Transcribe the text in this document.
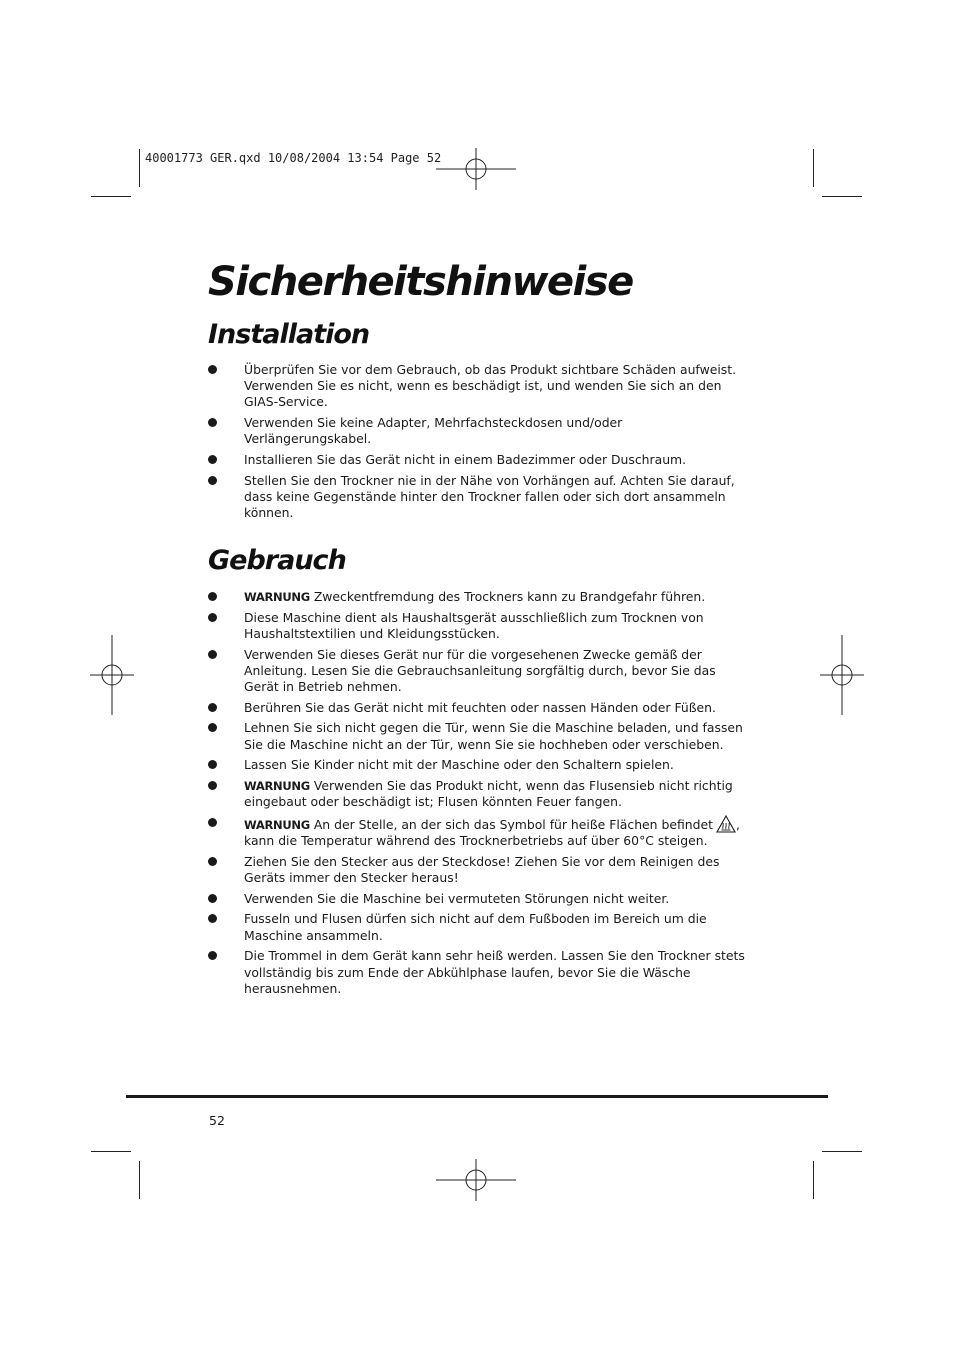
40001773 GER.qxd 10/08/2004 13:54 Page 52
Sicherheitshinweise
Installation
Überprüfen Sie vor dem Gebrauch, ob das Produkt sichtbare Schäden aufweist. Verwenden Sie es nicht, wenn es beschädigt ist, und wenden Sie sich an den GIAS-Service.
Verwenden Sie keine Adapter, Mehrfachsteckdosen und/oder Verlängerungskabel.
Installieren Sie das Gerät nicht in einem Badezimmer oder Duschraum.
Stellen Sie den Trockner nie in der Nähe von Vorhängen auf. Achten Sie darauf, dass keine Gegenstände hinter den Trockner fallen oder sich dort ansammeln können.
Gebrauch
WARNUNG Zweckentfremdung des Trockners kann zu Brandgefahr führen.
Diese Maschine dient als Haushaltsgerät ausschließlich zum Trocknen von Haushaltstextilien und Kleidungsstücken.
Verwenden Sie dieses Gerät nur für die vorgesehenen Zwecke gemäß der Anleitung. Lesen Sie die Gebrauchsanleitung sorgfältig durch, bevor Sie das Gerät in Betrieb nehmen.
Berühren Sie das Gerät nicht mit feuchten oder nassen Händen oder Füßen.
Lehnen Sie sich nicht gegen die Tür, wenn Sie die Maschine beladen, und fassen Sie die Maschine nicht an der Tür, wenn Sie sie hochheben oder verschieben.
Lassen Sie Kinder nicht mit der Maschine oder den Schaltern spielen.
WARNUNG Verwenden Sie das Produkt nicht, wenn das Flusensieb nicht richtig eingebaut oder beschädigt ist; Flusen könnten Feuer fangen.
WARNUNG An der Stelle, an der sich das Symbol für heiße Flächen befindet , kann die Temperatur während des Trocknerbetriebs auf über 60°C steigen.
Ziehen Sie den Stecker aus der Steckdose! Ziehen Sie vor dem Reinigen des Geräts immer den Stecker heraus!
Verwenden Sie die Maschine bei vermuteten Störungen nicht weiter.
Fusseln und Flusen dürfen sich nicht auf dem Fußboden im Bereich um die Maschine ansammeln.
Die Trommel in dem Gerät kann sehr heiß werden. Lassen Sie den Trockner stets vollständig bis zum Ende der Abkühlphase laufen, bevor Sie die Wäsche herausnehmen.
52
